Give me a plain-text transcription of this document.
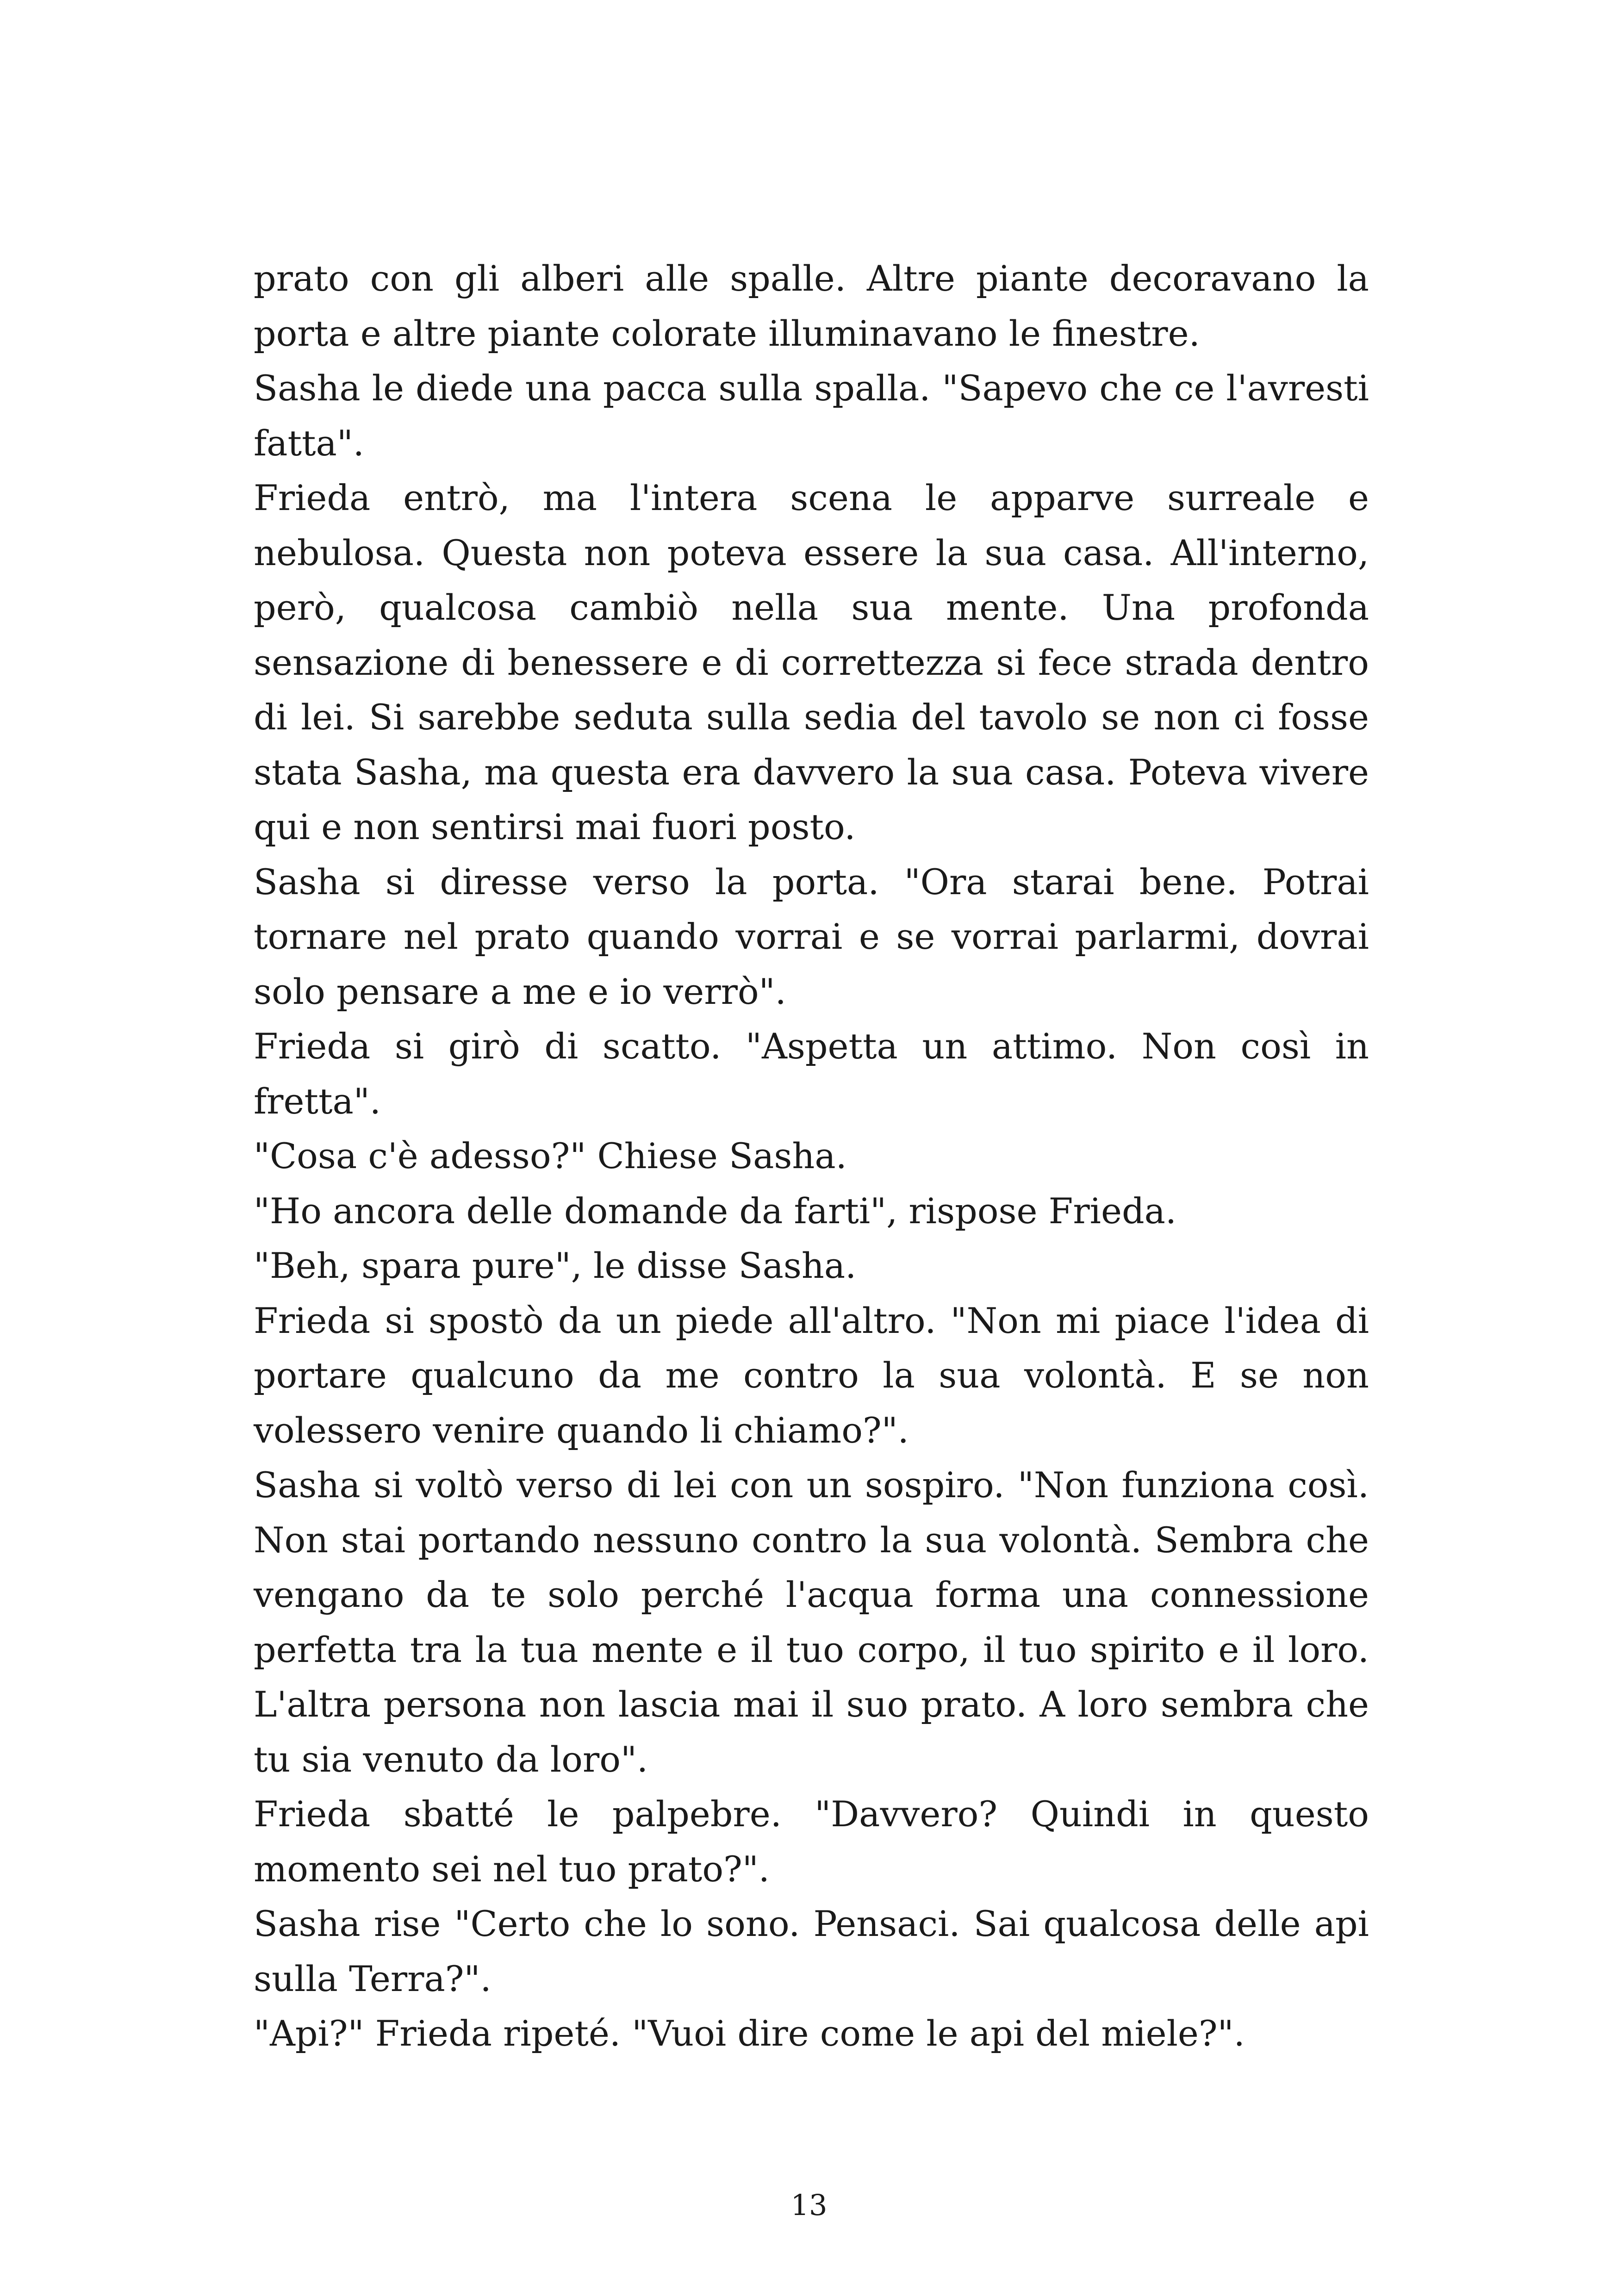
prato con gli alberi alle spalle. Altre piante decoravano la porta e altre piante colorate illuminavano le finestre.

Sasha le diede una pacca sulla spalla. "Sapevo che ce l'avresti fatta".

Frieda entrò, ma l'intera scena le apparve surreale e nebulosa. Questa non poteva essere la sua casa. All'interno, però, qualcosa cambiò nella sua mente. Una profonda sensazione di benessere e di correttezza si fece strada dentro di lei. Si sarebbe seduta sulla sedia del tavolo se non ci fosse stata Sasha, ma questa era davvero la sua casa. Poteva vivere qui e non sentirsi mai fuori posto.

Sasha si diresse verso la porta. "Ora starai bene. Potrai tornare nel prato quando vorrai e se vorrai parlarmi, dovrai solo pensare a me e io verrò".

Frieda si girò di scatto. "Aspetta un attimo. Non così in fretta".

"Cosa c'è adesso?" Chiese Sasha.

"Ho ancora delle domande da farti", rispose Frieda.

"Beh, spara pure", le disse Sasha.

Frieda si spostò da un piede all'altro. "Non mi piace l'idea di portare qualcuno da me contro la sua volontà. E se non volessero venire quando li chiamo?".

Sasha si voltò verso di lei con un sospiro. "Non funziona così. Non stai portando nessuno contro la sua volontà. Sembra che vengano da te solo perché l'acqua forma una connessione perfetta tra la tua mente e il tuo corpo, il tuo spirito e il loro. L'altra persona non lascia mai il suo prato. A loro sembra che tu sia venuto da loro".

Frieda sbatté le palpebre. "Davvero? Quindi in questo momento sei nel tuo prato?".

Sasha rise "Certo che lo sono. Pensaci. Sai qualcosa delle api sulla Terra?".

"Api?" Frieda ripeté. "Vuoi dire come le api del miele?".

13
